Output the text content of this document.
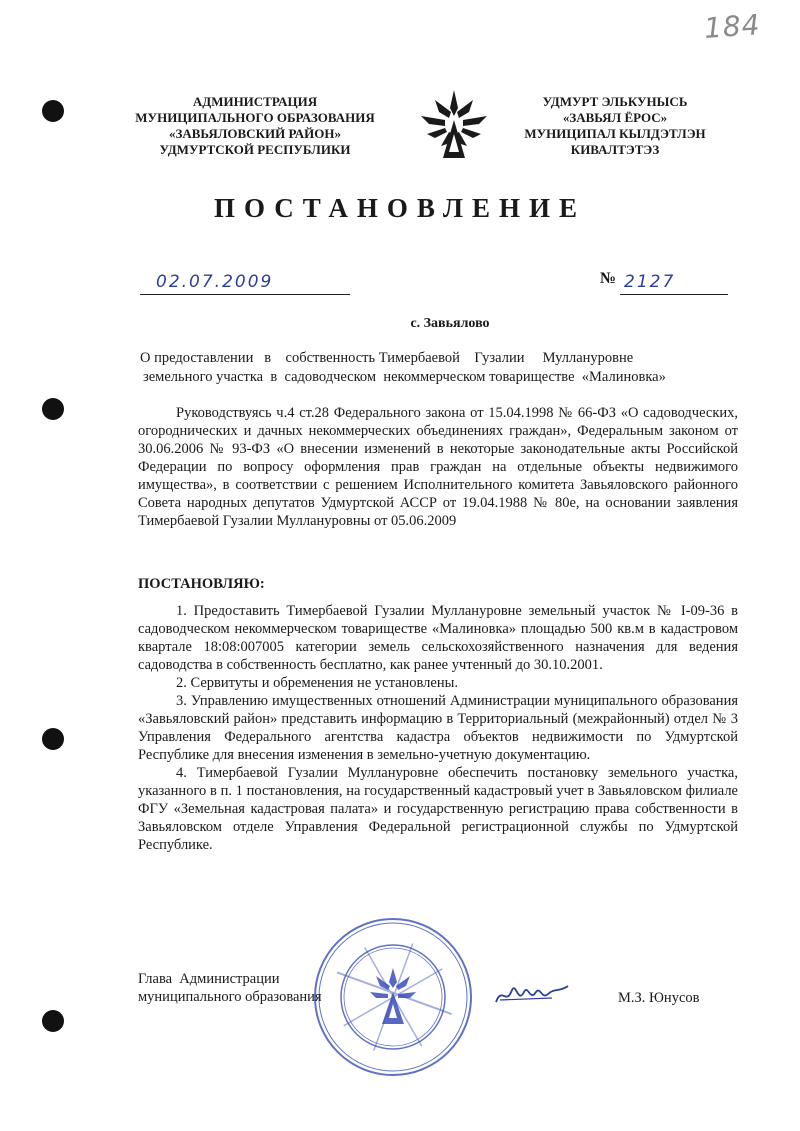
184
АДМИНИСТРАЦИЯ
МУНИЦИПАЛЬНОГО ОБРАЗОВАНИЯ
«ЗАВЬЯЛОВСКИЙ РАЙОН»
УДМУРТСКОЙ РЕСПУБЛИКИ
УДМУРТ ЭЛЬКУНЫСЬ
«ЗАВЬЯЛ ЁРОС»
МУНИЦИПАЛ КЫЛДЭТЛЭН
КИВАЛТЭТЭЗ
ПОСТАНОВЛЕНИЕ
02.07.2009	№ 2127
с. Завьялово
О предоставлении   в    собственность Тимербаевой    Гузалии     Муллануровне
земельного участка  в  садоводческом  некоммерческом товариществе  «Малиновка»

Руководствуясь ч.4 ст.28 Федерального закона от 15.04.1998 № 66-ФЗ «О садоводческих, огороднических и дачных некоммерческих объединениях граждан», Федеральным законом от 30.06.2006 № 93-ФЗ «О внесении изменений в некоторые законодательные акты Российской Федерации по вопросу оформления прав граждан на отдельные объекты недвижимого имущества», в соответствии с решением Исполнительного комитета Завьяловского районного Совета народных депутатов Удмуртской АССР от 19.04.1988 № 80е, на основании заявления Тимербаевой Гузалии Муллануровны от 05.06.2009

ПОСТАНОВЛЯЮ:

1. Предоставить Тимербаевой Гузалии Муллануровне земельный участок № I-09-36 в садоводческом некоммерческом товариществе «Малиновка» площадью 500 кв.м в кадастровом квартале 18:08:007005 категории земель сельскохозяйственного назначения для ведения садоводства в собственность бесплатно, как ранее учтенный до 30.10.2001.

2. Сервитуты и обременения не установлены.

3. Управлению имущественных отношений Администрации муниципального образования «Завьяловский район» представить информацию в Территориальный (межрайонный) отдел № 3 Управления Федерального агентства кадастра объектов недвижимости по Удмуртской Республике для внесения изменения в земельно-учетную документацию.

4. Тимербаевой Гузалии Муллануровне обеспечить постановку земельного участка, указанного в п. 1 постановления, на государственный кадастровый учет в Завьяловском филиале ФГУ «Земельная кадастровая палата» и государственную регистрацию права собственности в Завьяловском отделе Управления Федеральной регистрационной службы по Удмуртской Республике.

Глава  Администрации
муниципального образования	М.З. Юнусов
